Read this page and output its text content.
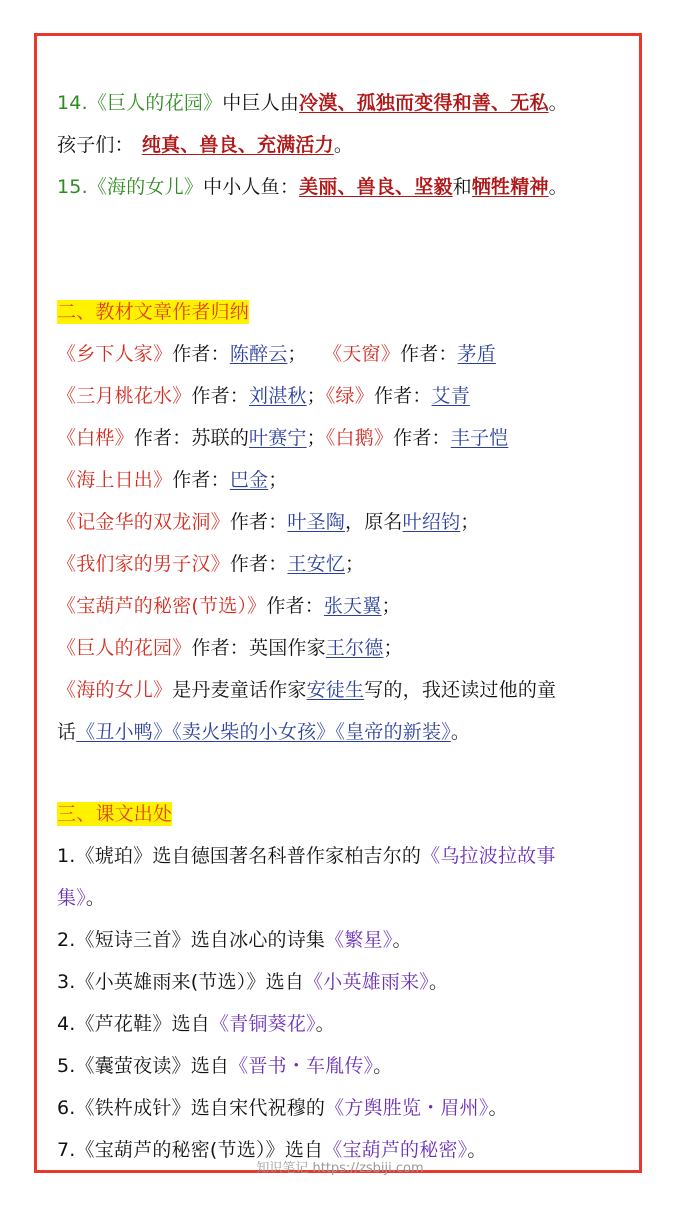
14.《巨人的花园》中巨人由冷漠、孤独而变得和善、无私。
孩子们： 纯真、兽良、充满活力。
15.《海的女儿》中小人鱼：美丽、兽良、坚毅和牺牲精神。
二、教材文章作者归纳
《乡下人家》作者：陈醉云； 《天窗》作者：茅盾
《三月桃花水》作者：刘湛秋；《绿》作者：艾青
《白桦》作者：苏联的叶赛宁；《白鹅》作者：丰子恺
《海上日出》作者：巴金；
《记金华的双龙洞》作者：叶圣陶，原名叶绍钧；
《我们家的男子汉》作者：王安忆；
《宝葫芦的秘密(节选）》作者：张天翼；
《巨人的花园》作者：英国作家王尔德；
《海的女儿》是丹麦童话作家安徒生写的，我还读过他的童
话《丑小鸭》《卖火柴的小女孩》《皇帝的新装》。
三、课文出处
1.《琥珀》选自德国著名科普作家柏吉尔的《乌拉波拉故事
集》。
2.《短诗三首》选自冰心的诗集《繁星》。
3.《小英雄雨来(节选）》选自《小英雄雨来》。
4.《芦花鞋》选自《青铜葵花》。
5.《囊萤夜读》选自《晋书・车胤传》。
6.《铁杵成针》选自宋代祝穆的《方舆胜览・眉州》。
7.《宝葫芦的秘密(节选）》选自《宝葫芦的秘密》。
知识笔记 https://zsbiji.com
